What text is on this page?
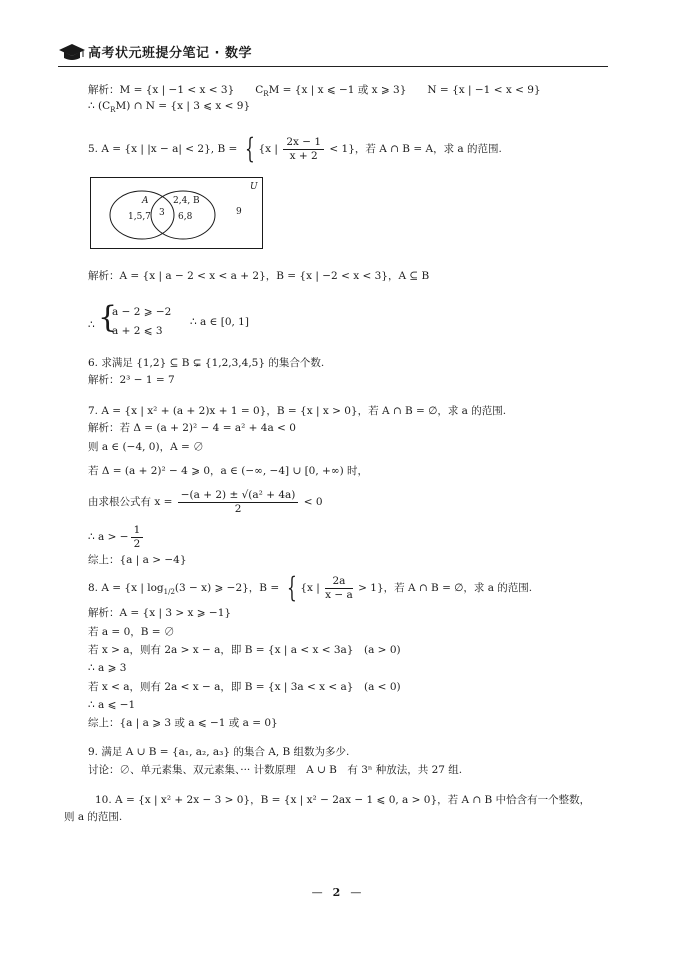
高考状元班提分笔记 · 数学
解析：M = {x | −1 < x < 3}　　$C_RM = \{x$ | x ⩽ −1 或 x ⩾ 3}　　N = {x | −1 < x < 9}
∴ $(C_RM)$ ∩ N = {x | 3 ⩽ x < 9}
5. A = {x | |x − a| < 2}, B = { {x | $\frac{2x - 1}{x + 2} < 1$}，若 A ∩ B = A，求 a 的范围.
U
A	2,4, B
1,5,7 3 6,8	9
解析：A = {x | a − 2 < x < a + 2}，B = {x | −2 < x < 3}，A ⊆ B
∴ {
a − 2 ⩾ −2
a + 2 ⩽ 3
∴ a ∈ [0, 1]
6. 求满足 {1,2} ⊆ B ⊊ {1,2,3,4,5} 的集合个数.
解析：2³ − 1 = 7
7. A = {x | x² + (a + 2)x + 1 = 0}，B = {x | x > 0}，若 A ∩ B = ∅，求 a 的范围.
解析：若 Δ = (a + 2)² − 4 = a² + 4a < 0
则 a ∈ (−4, 0)，A = ∅
若 Δ = (a + 2)² − 4 ⩾ 0，a ∈ (−∞, −4] ∪ [0, +∞) 时，
由求根公式有 $x = \frac{\text{−(a + 2) ± √(a² + 4a)}}{2} < 0$
∴ a > − $\frac{1}{2}$
综上：{a | a > −4}
8. A = {x | $\log_{1/2}(3 - x)$ ⩾ −2}，B = { {x | $\frac{2a}{x - a} > 1$}，若 A ∩ B = ∅，求 a 的范围.
解析：A = {x | 3 > x ⩾ −1}
若 a = 0，B = ∅
若 x > a，则有 2a > x − a，即 B = {x | a < x < 3a}　(a > 0)
∴ a ⩾ 3
若 x < a，则有 2a < x − a，即 B = {x | 3a < x < a}　(a < 0)
∴ a ⩽ −1
综上：{a | a ⩾ 3 或 a ⩽ −1 或 a = 0}
9. 满足 A ∪ B = {a₁, a₂, a₃} 的集合 A, B 组数为多少.
讨论：∅、单元素集、双元素集、··· 计数原理　A ∪ B　有 3ⁿ 种放法，共 27 组.
10. A = {x | x² + 2x − 3 > 0}，B = {x | x² − 2ax − 1 ⩽ 0, a > 0}，若 A ∩ B 中恰含有一个整数，
则 a 的范围.
— 2 —
